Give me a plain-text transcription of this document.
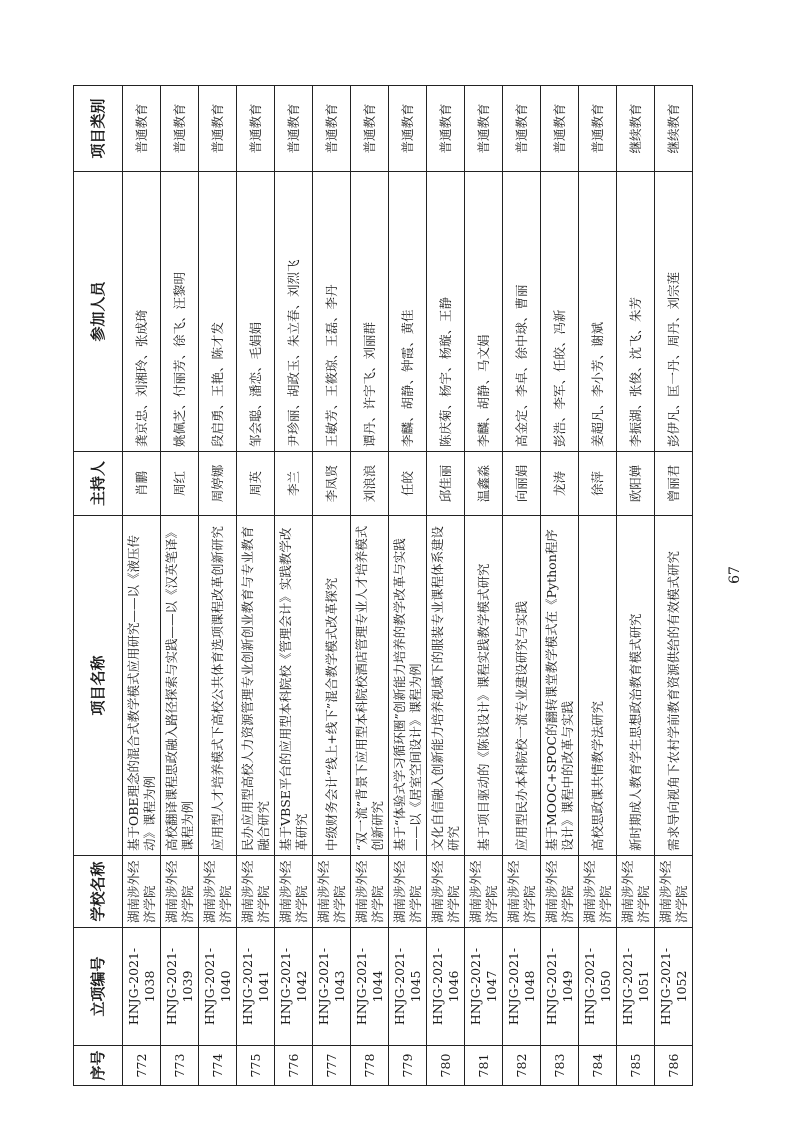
序号	立项编号	学校名称	项目名称	主持人	参加人员	项目类别
772	HNJG-2021-1038	湖南涉外经济学院	基于OBE理念的混合式教学模式应用研究——以《液压传动》课程为例	肖鹏	龚京忠、刘湘玲、张成琦	普通教育
773	HNJG-2021-1039	湖南涉外经济学院	高校翻译课程思政融入路径探索与实践——以《汉英笔译》课程为例	周红	姚佩芝、付丽芳、徐飞、汪黎明	普通教育
774	HNJG-2021-1040	湖南涉外经济学院	应用型人才培养模式下高校公共体育选项课程改革创新研究	周婷娜	段启勇、王艳、陈才发	普通教育
775	HNJG-2021-1041	湖南涉外经济学院	民办应用型高校人力资源管理专业创新创业教育与专业教育融合研究	周英	邹会聪、潘恋、毛娟娟	普通教育
776	HNJG-2021-1042	湖南涉外经济学院	基于VBSE平台的应用型本科院校《管理会计》实践教学改革研究	李兰	尹珍丽、胡政玉、朱立春、刘烈飞	普通教育
777	HNJG-2021-1043	湖南涉外经济学院	中级财务会计“线上+线下”混合教学模式改革探究	李凤贤	王敏芳、王筱琼、王磊、李丹	普通教育
778	HNJG-2021-1044	湖南涉外经济学院	“双一流”背景下应用型本科院校酒店管理专业人才培养模式创新研究	刘浪浪	谭丹、许宇飞、刘丽群	普通教育
779	HNJG-2021-1045	湖南涉外经济学院	基于“体验式学习循环圈”创新能力培养的教学改革与实践——以《居室空间设计》课程为例	任皎	李麟、胡静、钟霞、黄佳	普通教育
780	HNJG-2021-1046	湖南涉外经济学院	文化自信融入创新能力培养视域下的服装专业课程体系建设研究	邱佳丽	陈庆菊、杨宇、杨璇、王静	普通教育
781	HNJG-2021-1047	湖南涉外经济学院	基于项目驱动的《陈设设计》课程实践教学模式研究	温鑫淼	李麟、胡静、马文娟	普通教育
782	HNJG-2021-1048	湖南涉外经济学院	应用型民办本科院校一流专业建设研究与实践	向丽娟	高金定、李卓、徐中球、曹丽	普通教育
783	HNJG-2021-1049	湖南涉外经济学院	基于MOOC+SPOC的翻转课堂教学模式在《Python程序设计》课程中的改革与实践	龙涛	彭浩、李军、任皎、冯新	普通教育
784	HNJG-2021-1050	湖南涉外经济学院	高校思政课共情教学法研究	徐萍	姜超凡、李小芳、谢斌	普通教育
785	HNJG-2021-1051	湖南涉外经济学院	新时期成人教育学生思想政治教育模式研究	欧阳婵	李振湖、张俊、沈飞、朱芳	继续教育
786	HNJG-2021-1052	湖南涉外经济学院	需求导向视角下农村学前教育资源供给的有效模式研究	曾丽君	彭伊凡、匡一丹、周丹、刘宗莲	继续教育
67
